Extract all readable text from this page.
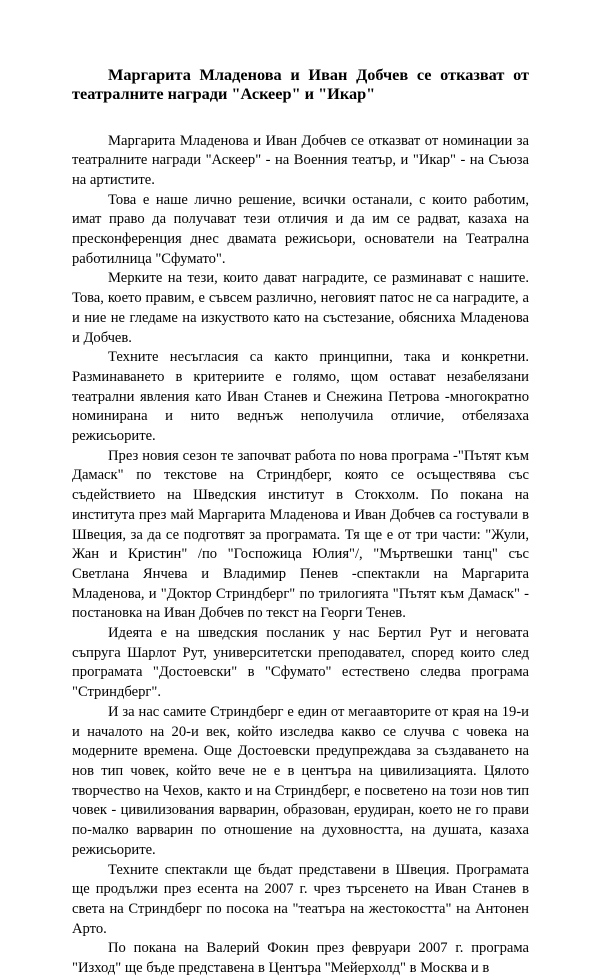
Маргарита Младенова и Иван Добчев се отказват от театралните награди "Аскеер" и "Икар"

Маргарита Младенова и Иван Добчев се отказват от номинации за театралните награди "Аскеер" - на Военния театър, и "Икар" - на Съюза на артистите.

Това е наше лично решение, всички останали, с които работим, имат право да получават тези отличия и да им се радват, казаха на пресконференция днес двамата режисьори, основатели на Театрална работилница "Сфумато".

Мерките на тези, които дават наградите, се разминават с нашите. Това, което правим, е съвсем различно, неговият патос не са наградите, а и ние не гледаме на изкуството като на състезание, обясниха Младенова и Добчев.

Техните несъгласия са както принципни, така и конкретни. Разминаването в критериите е голямо, щом остават незабелязани театрални явления като Иван Станев и Снежина Петрова -многократно номинирана и нито веднъж неполучила отличие, отбелязаха режисьорите.

През новия сезон те започват работа по нова програма -"Пътят към Дамаск" по текстове на Стриндберг, която се осъществява със съдействието на Шведския институт в Стокхолм. По покана на института през май Маргарита Младенова и Иван Добчев са гостували в Швеция, за да се подготвят за програмата. Тя ще е от три части: "Жули, Жан и Кристин" /по "Госпожица Юлия"/, "Мъртвешки танц" със Светлана Янчева и Владимир Пенев -спектакли на Маргарита Младенова, и "Доктор Стриндберг" по трилогията "Пътят към Дамаск" - постановка на Иван Добчев по текст на Георги Тенев.

Идеята е на шведския посланик у нас Бертил Рут и неговата съпруга Шарлот Рут, университетски преподавател, според които след програмата "Достоевски" в "Сфумато" естествено следва програма "Стриндберг".

И за нас самите Стриндберг е един от мегаавторите от края на 19-и и началото на 20-и век, който изследва какво се случва с човека на модерните времена. Още Достоевски предупреждава за създаването на нов тип човек, който вече не е в центъра на цивилизацията. Цялото творчество на Чехов, както и на Стриндберг, е посветено на този нов тип човек - цивилизования варварин, образован, ерудиран, което не го прави по-малко варварин по отношение на духовността, на душата, казаха режисьорите.

Техните спектакли ще бъдат представени в Швеция. Програмата ще продължи през есента на 2007 г. чрез търсенето на Иван Станев в света на Стриндберг по посока на "театъра на жестокостта" на Антонен Арто.

По покана на Валерий Фокин през февруари 2007 г. програма "Изход" ще бъде представена в Центъра "Мейерхолд" в Москва и в
